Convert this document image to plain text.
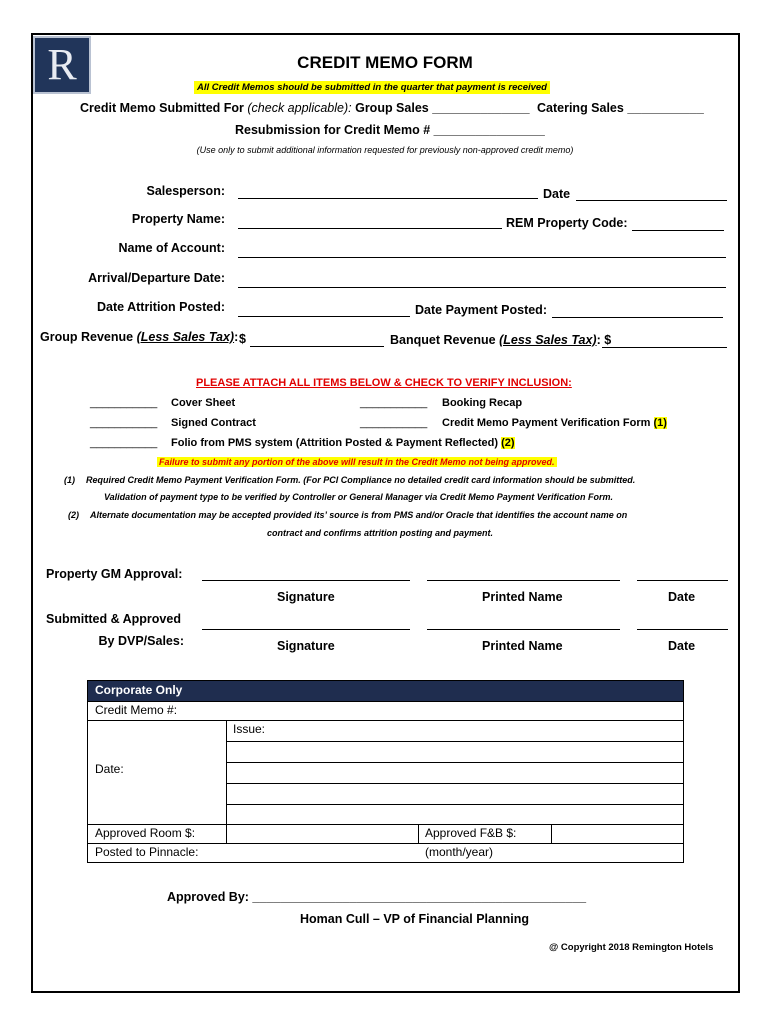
R	CREDIT MEMO FORM
All Credit Memos should be submitted in the quarter that payment is received
Credit Memo Submitted For (check applicable): Group Sales ______________ Catering Sales ___________
Resubmission for Credit Memo # ________________
(Use only to submit additional information requested for previously non-approved credit memo)
Salesperson:	Date
Property Name:	REM Property Code:
Name of Account:
Arrival/Departure Date:
Date Attrition Posted:	Date Payment Posted:
Group Revenue (Less Sales Tax): $	Banquet Revenue (Less Sales Tax): $
PLEASE ATTACH ALL ITEMS BELOW & CHECK TO VERIFY INCLUSION:
___________ Cover Sheet	___________ Booking Recap
___________ Signed Contract	___________ Credit Memo Payment Verification Form (1)
___________ Folio from PMS system (Attrition Posted & Payment Reflected) (2)
Failure to submit any portion of the above will result in the Credit Memo not being approved.
(1) Required Credit Memo Payment Verification Form. (For PCI Compliance no detailed credit card information should be submitted.
Validation of payment type to be verified by Controller or General Manager via Credit Memo Payment Verification Form.
(2) Alternate documentation may be accepted provided its’ source is from PMS and/or Oracle that identifies the account name on
contract and confirms attrition posting and payment.
Property GM Approval:
Signature	Printed Name	Date
Submitted & Approved
By DVP/Sales:	Signature	Printed Name	Date
Corporate Only
Credit Memo #:
Date:
Issue:
Approved Room $:	Approved F&B $:
Posted to Pinnacle:	(month/year)
Approved By: ________________________________________________
Homan Cull – VP of Financial Planning
@ Copyright 2018 Remington Hotels
